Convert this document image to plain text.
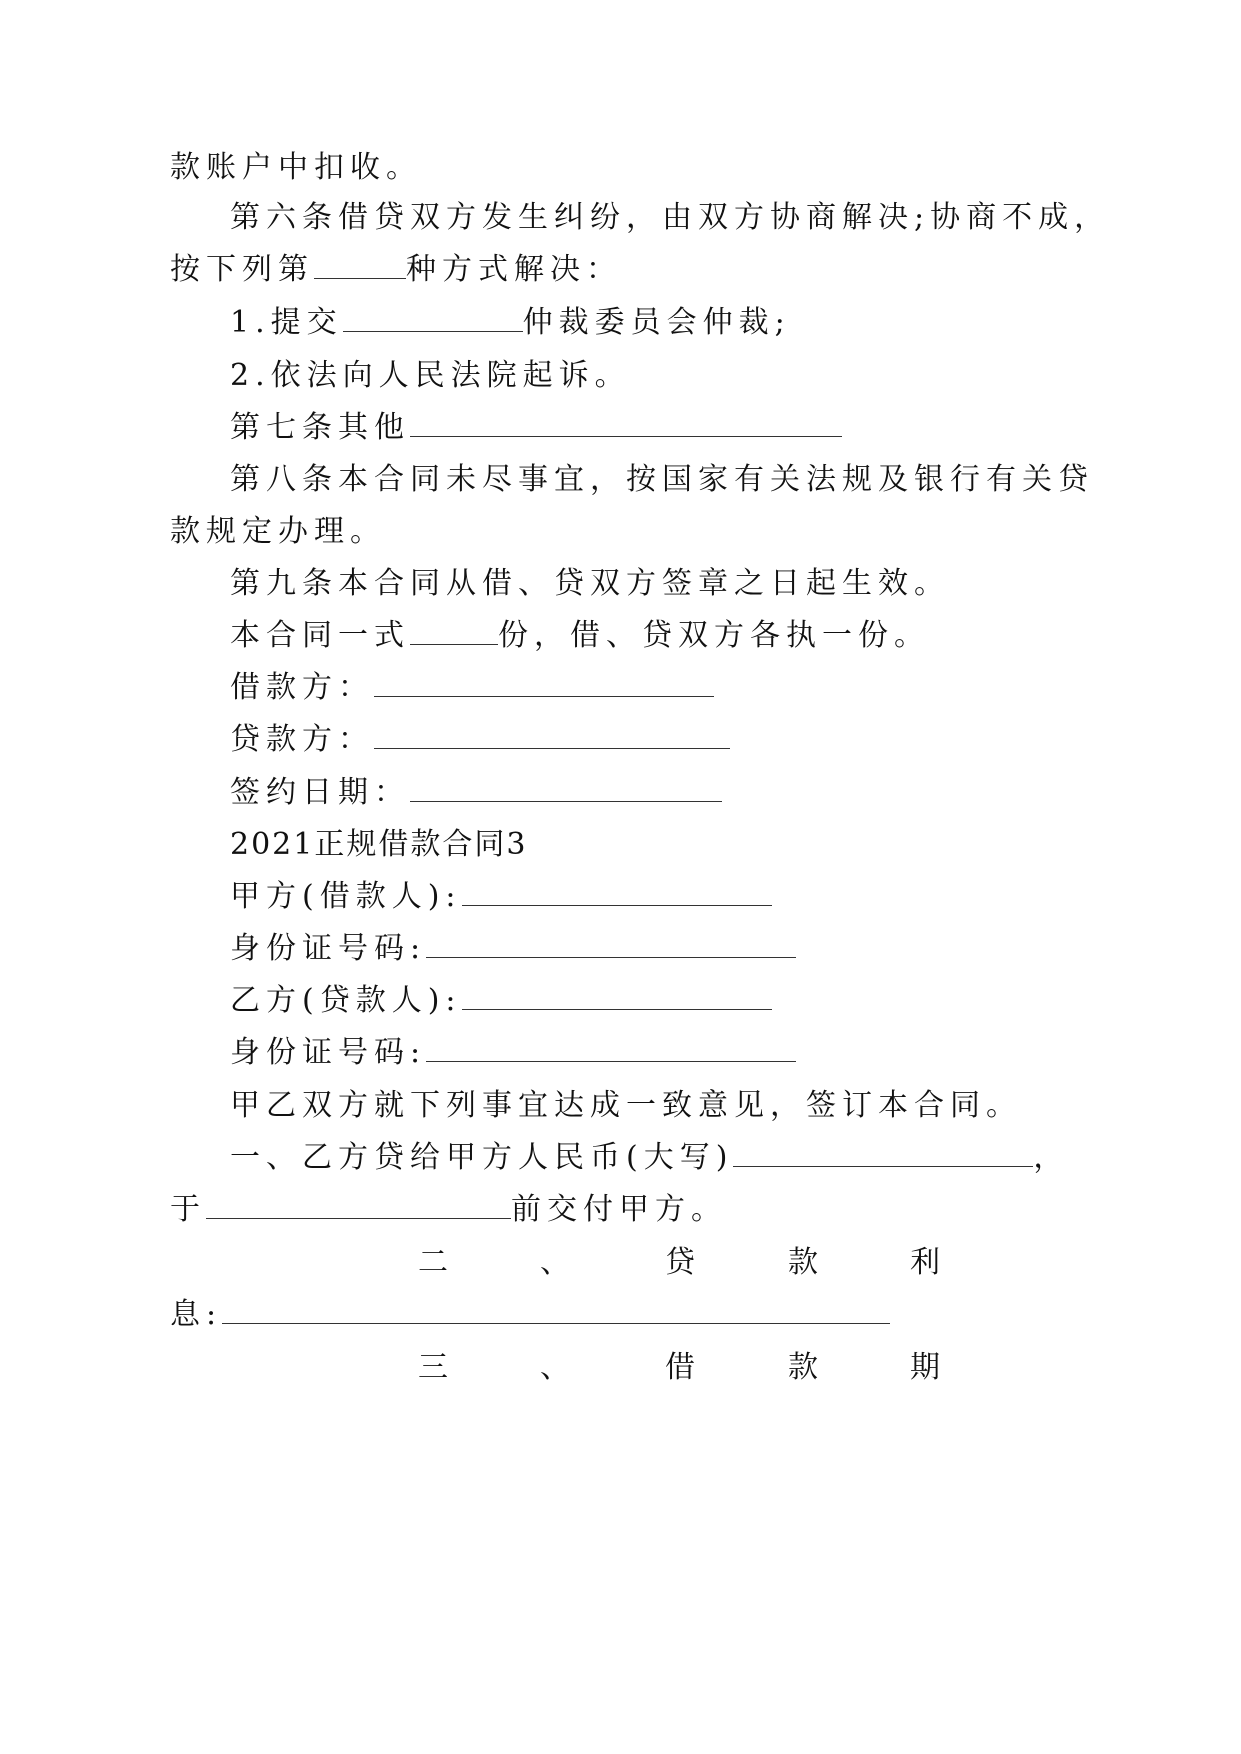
款账户中扣收。
第六条借贷双方发生纠纷，由双方协商解决;协商不成，
按下列第	种方式解决：
1.提交	仲裁委员会仲裁;
2.依法向人民法院起诉。
第七条其他
第八条本合同未尽事宜，按国家有关法规及银行有关贷
款规定办理。
第九条本合同从借、贷双方签章之日起生效。
本合同一式	份，借、贷双方各执一份。
借款方：
贷款方：
签约日期：
2021正规借款合同3
甲方(借款人):
身份证号码:
乙方(贷款人):
身份证号码:
甲乙双方就下列事宜达成一致意见，签订本合同。
一、乙方贷给甲方人民币(大写)	，
于	前交付甲方。
二	、	贷	款	利
息:
三	、	借	款	期
